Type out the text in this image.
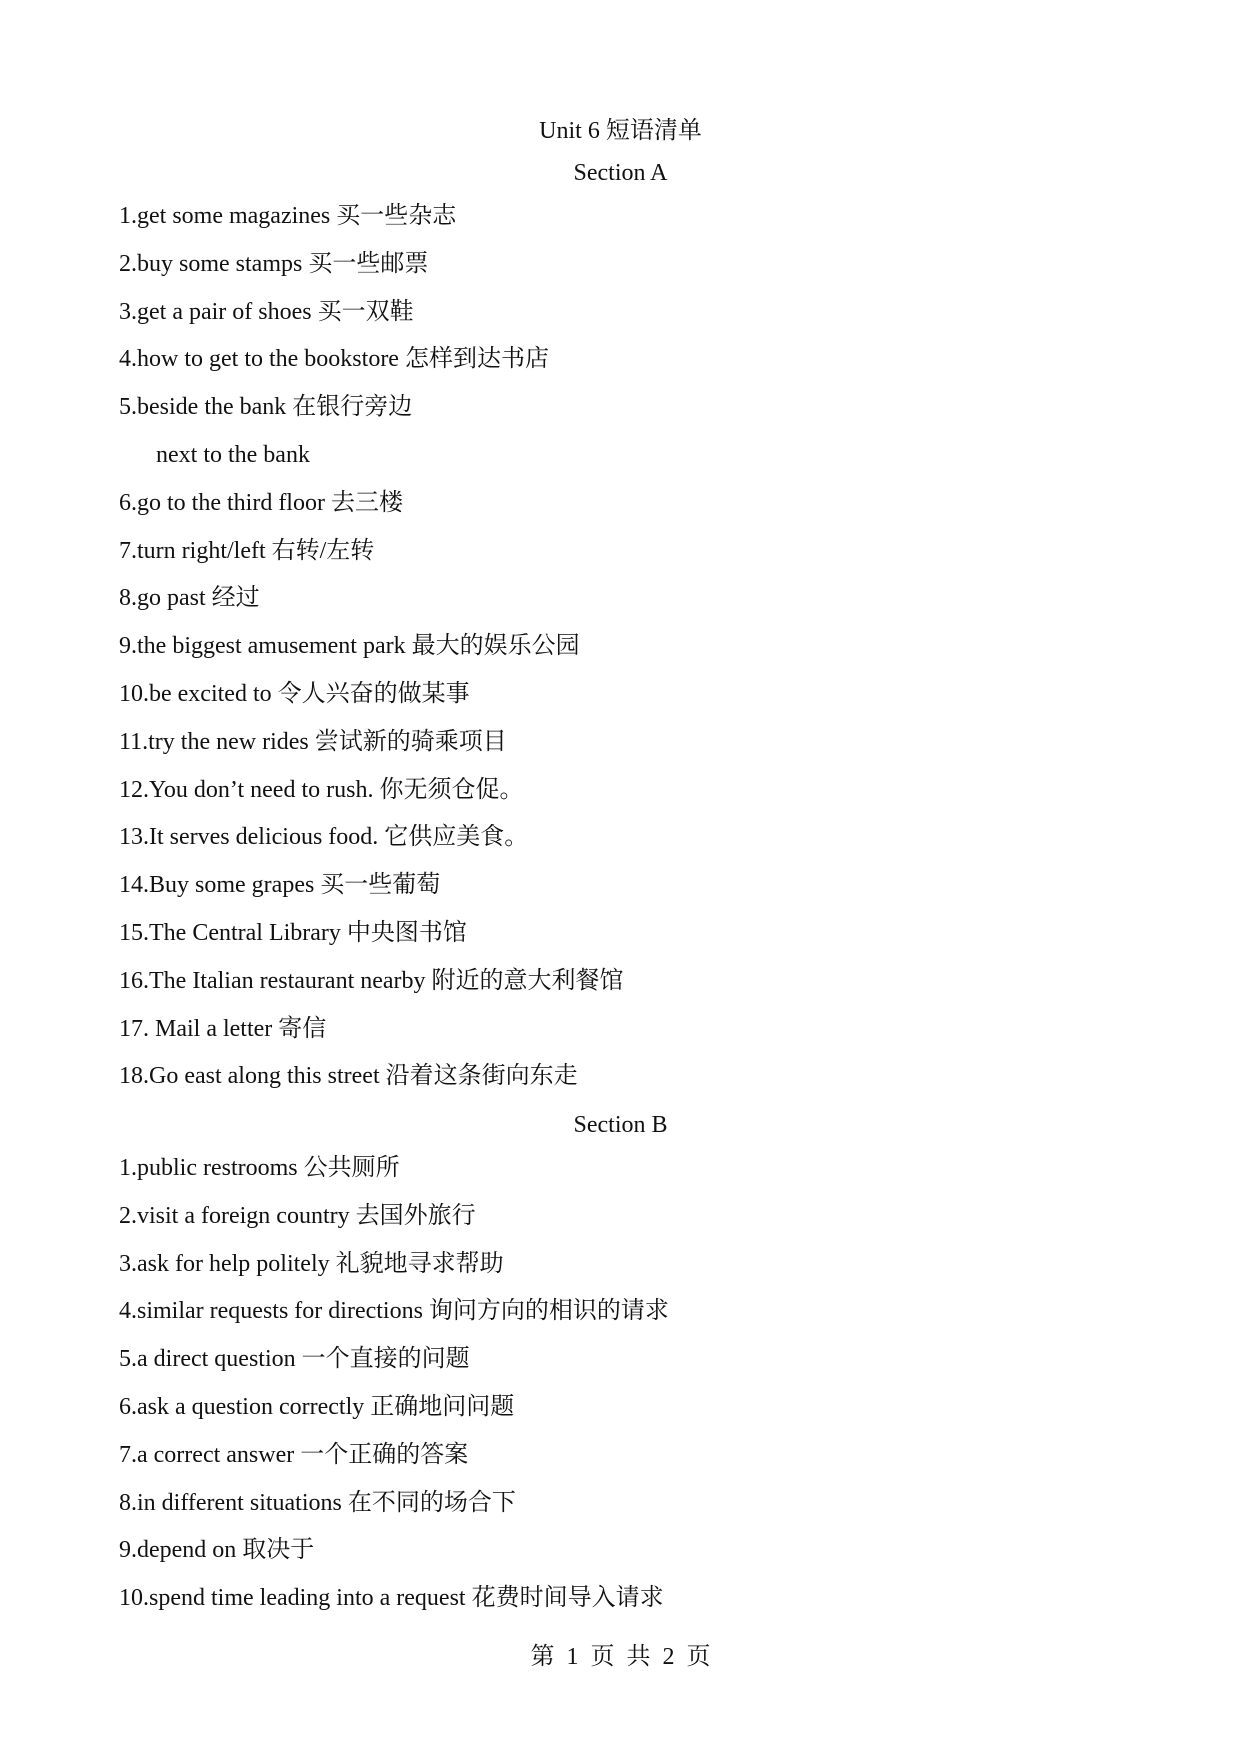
Unit 6 短语清单
Section A
1.get some magazines 买一些杂志
2.buy some stamps 买一些邮票
3.get a pair of shoes 买一双鞋
4.how to get to the bookstore 怎样到达书店
5.beside the bank 在银行旁边
next to the bank
6.go to the third floor 去三楼
7.turn right/left 右转/左转
8.go past 经过
9.the biggest amusement park 最大的娱乐公园
10.be excited to 令人兴奋的做某事
11.try the new rides 尝试新的骑乘项目
12.You don’t need to rush. 你无须仓促。
13.It serves delicious food. 它供应美食。
14.Buy some grapes 买一些葡萄
15.The Central Library 中央图书馆
16.The Italian restaurant nearby 附近的意大利餐馆
17. Mail a letter 寄信
18.Go east along this street 沿着这条街向东走
Section B
1.public restrooms 公共厕所
2.visit a foreign country 去国外旅行
3.ask for help politely 礼貌地寻求帮助
4.similar requests for directions 询问方向的相识的请求
5.a direct question 一个直接的问题
6.ask a question correctly 正确地问问题
7.a correct answer 一个正确的答案
8.in different situations 在不同的场合下
9.depend on 取决于
10.spend time leading into a request 花费时间导入请求
第 1 页 共 2 页
